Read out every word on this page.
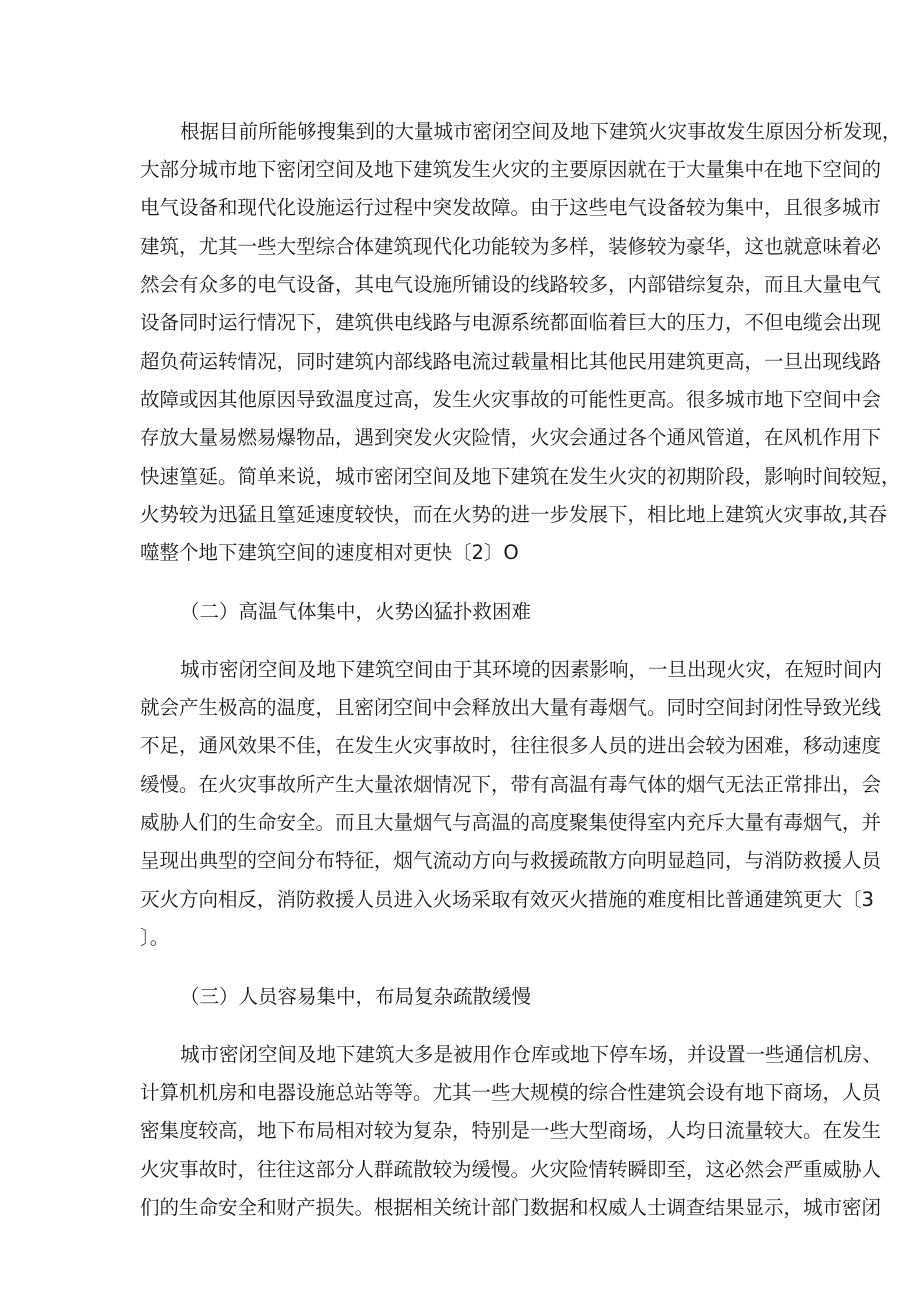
根据目前所能够搜集到的大量城市密闭空间及地下建筑火灾事故发生原因分析发现，
大部分城市地下密闭空间及地下建筑发生火灾的主要原因就在于大量集中在地下空间的
电气设备和现代化设施运行过程中突发故障。由于这些电气设备较为集中，且很多城市
建筑，尤其一些大型综合体建筑现代化功能较为多样，装修较为豪华，这也就意味着必
然会有众多的电气设备，其电气设施所铺设的线路较多，内部错综复杂，而且大量电气
设备同时运行情况下，建筑供电线路与电源系统都面临着巨大的压力，不但电缆会出现
超负荷运转情况，同时建筑内部线路电流过载量相比其他民用建筑更高，一旦出现线路
故障或因其他原因导致温度过高，发生火灾事故的可能性更高。很多城市地下空间中会
存放大量易燃易爆物品，遇到突发火灾险情，火灾会通过各个通风管道，在风机作用下
快速篁延。简单来说，城市密闭空间及地下建筑在发生火灾的初期阶段，影响时间较短，
火势较为迅猛且篁延速度较快，而在火势的进一步发展下，相比地上建筑火灾事故,其吞
噬整个地下建筑空间的速度相对更快〔2〕O
（二）高温气体集中，火势凶猛扑救困难
城市密闭空间及地下建筑空间由于其环境的因素影响，一旦出现火灾，在短时间内
就会产生极高的温度，且密闭空间中会释放出大量有毒烟气。同时空间封闭性导致光线
不足，通风效果不佳，在发生火灾事故时，往往很多人员的进出会较为困难，移动速度
缓慢。在火灾事故所产生大量浓烟情况下，带有高温有毒气体的烟气无法正常排出，会
威胁人们的生命安全。而且大量烟气与高温的高度聚集使得室内充斥大量有毒烟气，并
呈现出典型的空间分布特征，烟气流动方向与救援疏散方向明显趋同，与消防救援人员
灭火方向相反，消防救援人员进入火场采取有效灭火措施的难度相比普通建筑更大〔3
〕。
（三）人员容易集中，布局复杂疏散缓慢
城市密闭空间及地下建筑大多是被用作仓库或地下停车场，并设置一些通信机房、
计算机机房和电器设施总站等等。尤其一些大规模的综合性建筑会设有地下商场，人员
密集度较高，地下布局相对较为复杂，特别是一些大型商场，人均日流量较大。在发生
火灾事故时，往往这部分人群疏散较为缓慢。火灾险情转瞬即至，这必然会严重威胁人
们的生命安全和财产损失。根据相关统计部门数据和权威人士调查结果显示，城市密闭
